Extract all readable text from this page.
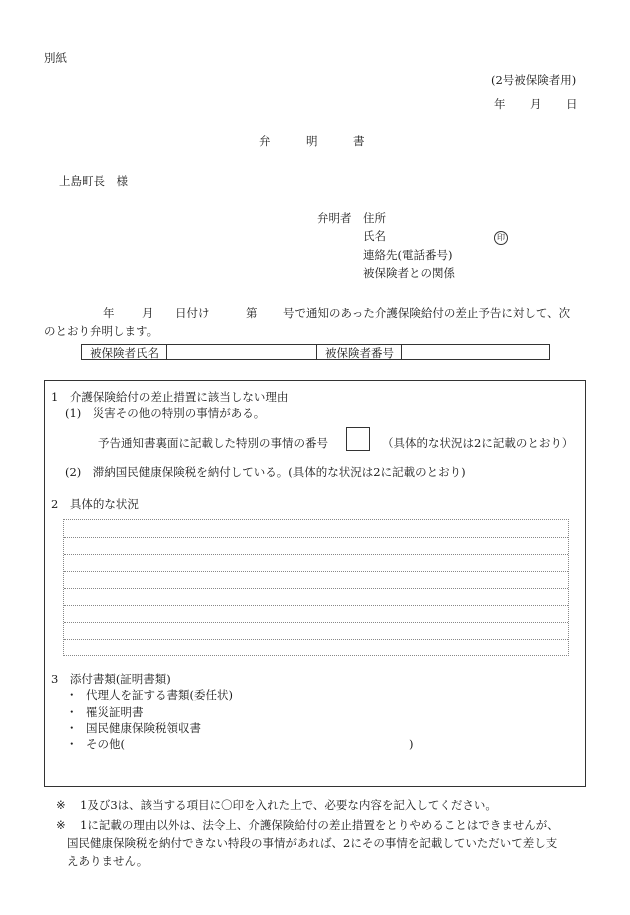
別紙
(2号被保険者用)
年 月 日
弁	明	書
上島町長　様
弁明者 住所
氏名	印
連絡先(電話番号)
被保険者との関係
年 月 日付け	第 号で通知のあった介護保険給付の差止予告に対して、次
のとおり弁明します。
被保険者氏名	被保険者番号
1　介護保険給付の差止措置に該当しない理由
(1)　災害その他の特別の事情がある。
予告通知書裏面に記載した特別の事情の番号	（具体的な状況は2に記載のとおり）
(2)　滞納国民健康保険税を納付している。(具体的な状況は2に記載のとおり)
2　具体的な状況
3　添付書類(証明書類)
・ 代理人を証する書類(委任状)
・ 罹災証明書
・ 国民健康保険税領収書
・ その他(	)
※ 1及び3は、該当する項目に〇印を入れた上で、必要な内容を記入してください。
※ 1に記載の理由以外は、法令上、介護保険給付の差止措置をとりやめることはできませんが、
国民健康保険税を納付できない特段の事情があれば、2にその事情を記載していただいて差し支
えありません。
